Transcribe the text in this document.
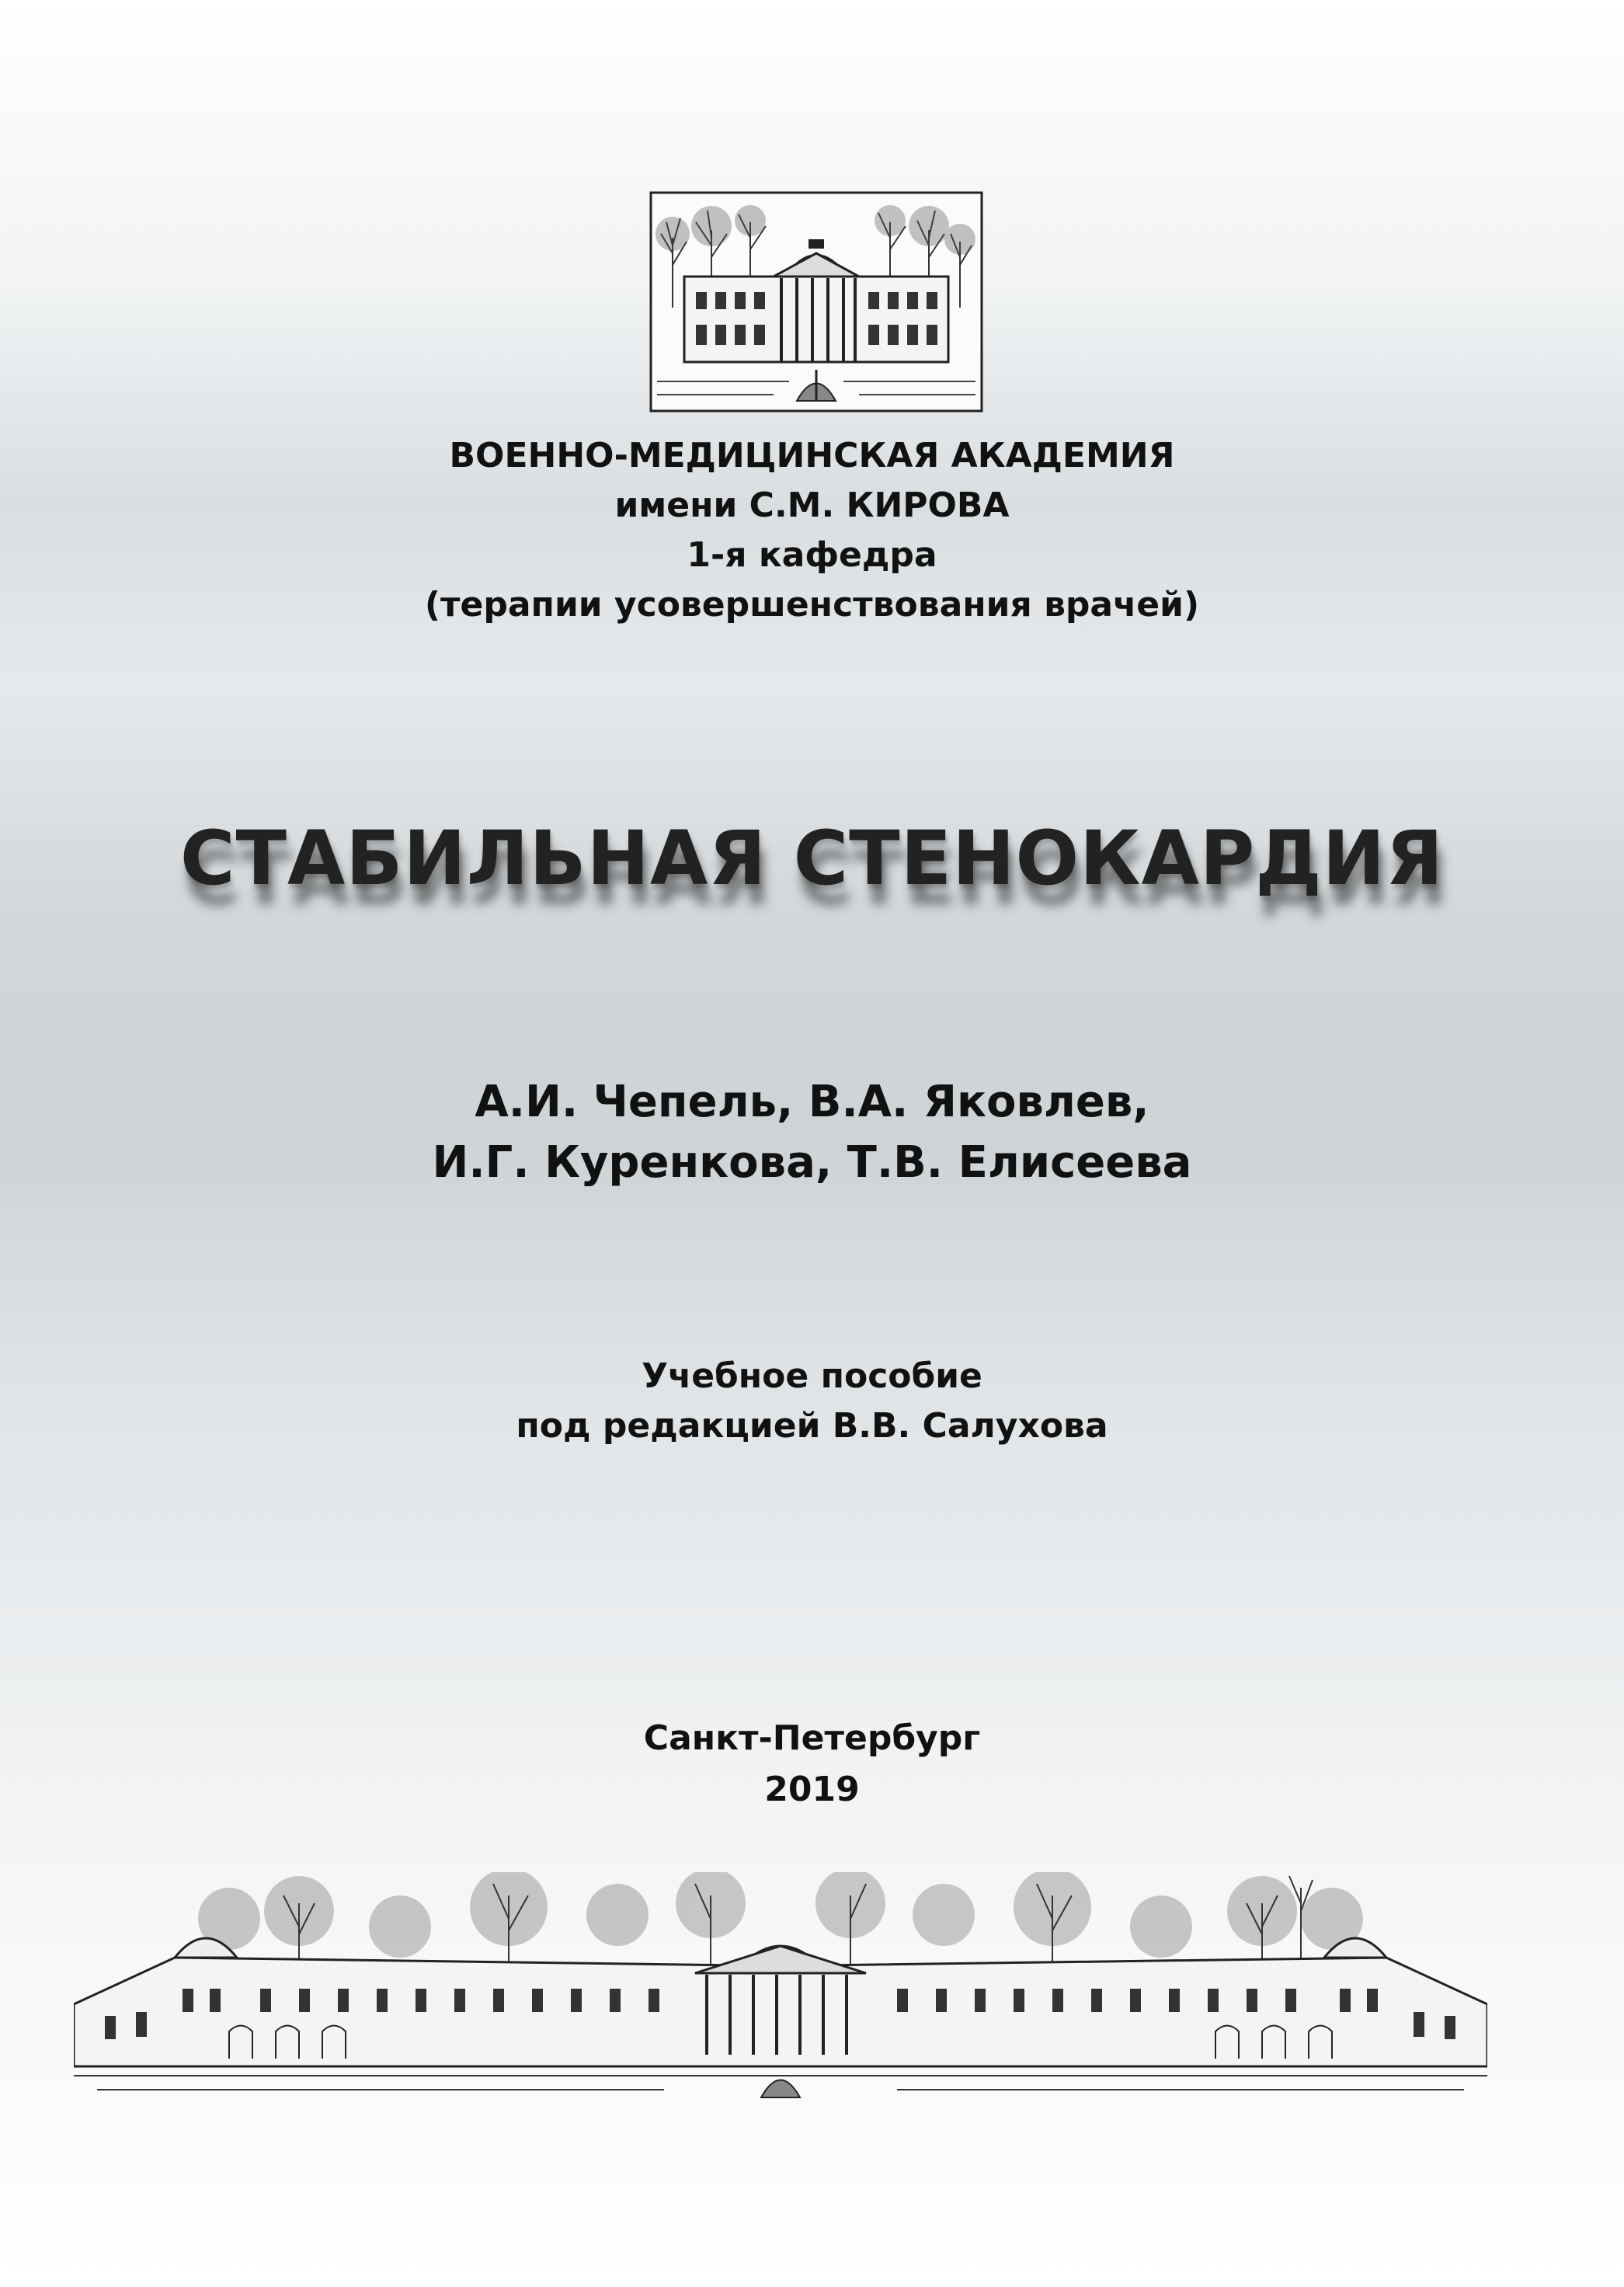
ВОЕННО-МЕДИЦИНСКАЯ АКАДЕМИЯ
имени С.М. КИРОВА
1-я кафедра
(терапии усовершенствования врачей)
СТАБИЛЬНАЯ СТЕНОКАРДИЯ
А.И. Чепель, В.А. Яковлев,
И.Г. Куренкова, Т.В. Елисеева
Учебное пособие
под редакцией В.В. Салухова
Санкт-Петербург
2019
